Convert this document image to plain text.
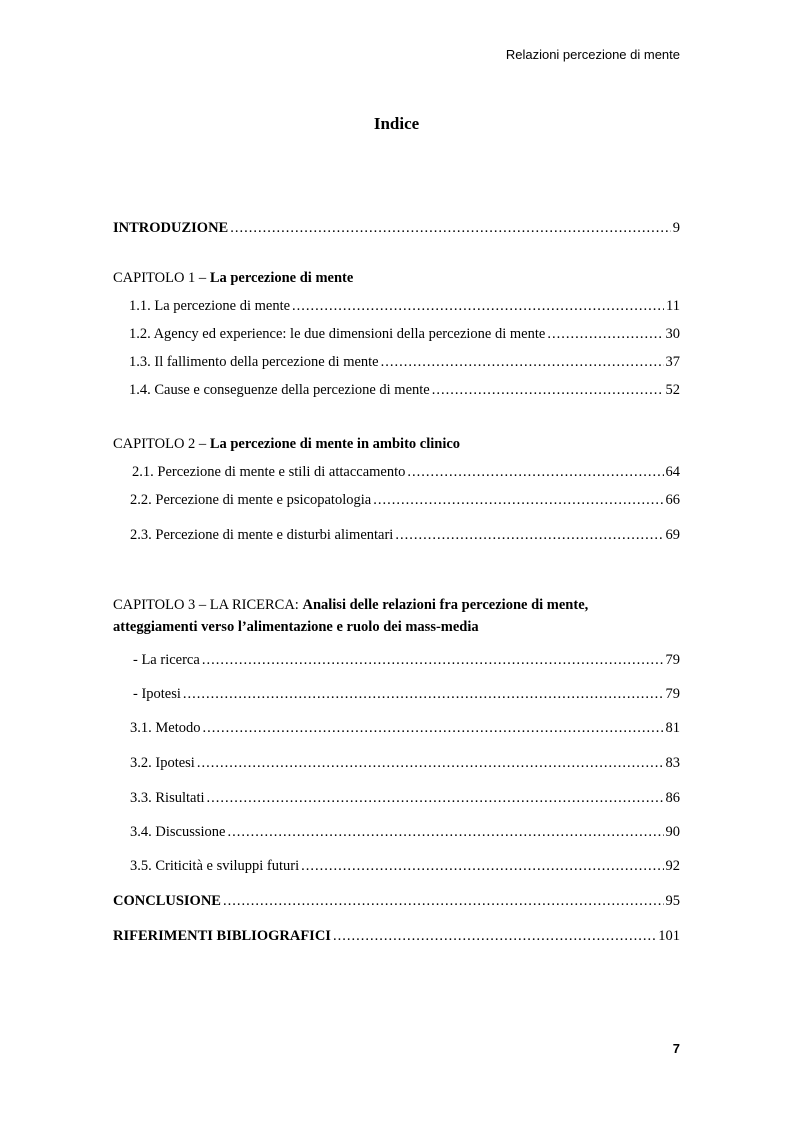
Relazioni percezione di mente
Indice
INTRODUZIONE .....	9
CAPITOLO 1 – La percezione di mente
1.1. La percezione di mente .....	11
1.2. Agency ed experience: le due dimensioni della percezione di mente .....	30
1.3. Il fallimento della percezione di mente .....	37
1.4. Cause e conseguenze della percezione di mente .....	52
CAPITOLO 2 – La percezione di mente in ambito clinico
2.1. Percezione di mente e stili di attaccamento .....	64
2.2. Percezione di mente e psicopatologia .....	66
2.3. Percezione di mente e disturbi alimentari .....	69
CAPITOLO 3 – LA RICERCA: Analisi delle relazioni fra percezione di mente,
atteggiamenti verso l’alimentazione e ruolo dei mass-media
- La ricerca .....	79
- Ipotesi .....	79
3.1. Metodo .....	81
3.2. Ipotesi .....	83
3.3. Risultati .....	86
3.4. Discussione .....	90
3.5. Criticità e sviluppi futuri .....	92
CONCLUSIONE .....	95
RIFERIMENTI BIBLIOGRAFICI .....	101
7
